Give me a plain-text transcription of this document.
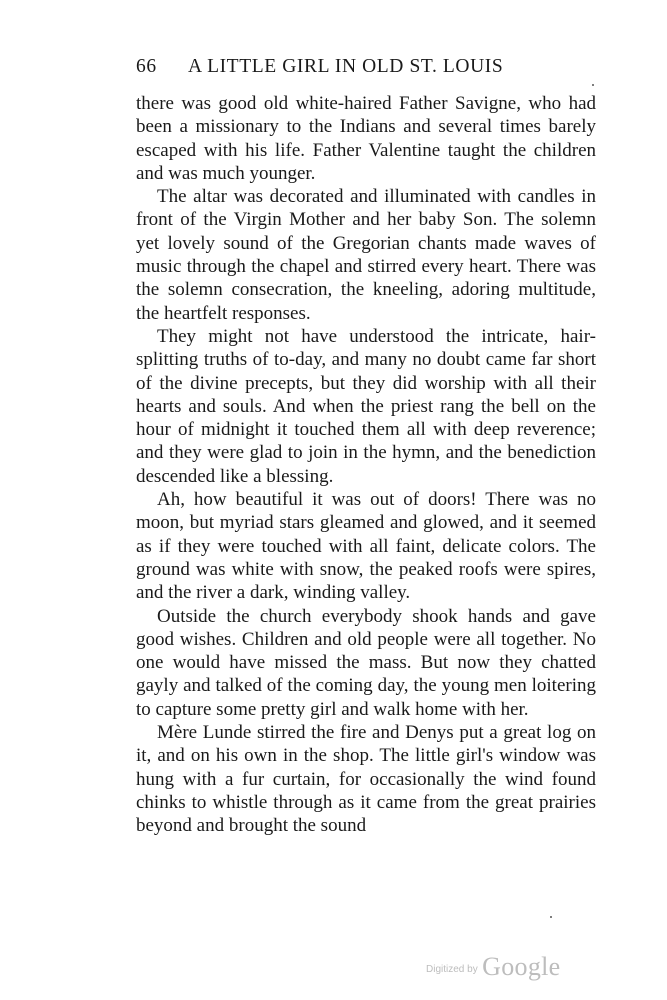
66 A LITTLE GIRL IN OLD ST. LOUIS

there was good old white-haired Father Savigne, who had been a missionary to the Indians and several times barely escaped with his life. Father Valentine taught the children and was much younger.

The altar was decorated and illuminated with candles in front of the Virgin Mother and her baby Son. The solemn yet lovely sound of the Gregorian chants made waves of music through the chapel and stirred every heart. There was the solemn consecration, the kneeling, adoring multitude, the heartfelt responses.

They might not have understood the intricate, hair-splitting truths of to-day, and many no doubt came far short of the divine precepts, but they did worship with all their hearts and souls. And when the priest rang the bell on the hour of midnight it touched them all with deep reverence; and they were glad to join in the hymn, and the benediction descended like a blessing.

Ah, how beautiful it was out of doors! There was no moon, but myriad stars gleamed and glowed, and it seemed as if they were touched with all faint, delicate colors. The ground was white with snow, the peaked roofs were spires, and the river a dark, winding valley.

Outside the church everybody shook hands and gave good wishes. Children and old people were all together. No one would have missed the mass. But now they chatted gayly and talked of the coming day, the young men loitering to capture some pretty girl and walk home with her.

Mère Lunde stirred the fire and Denys put a great log on it, and on his own in the shop. The little girl's window was hung with a fur curtain, for occasionally the wind found chinks to whistle through as it came from the great prairies beyond and brought the sound

Digitized by Google
